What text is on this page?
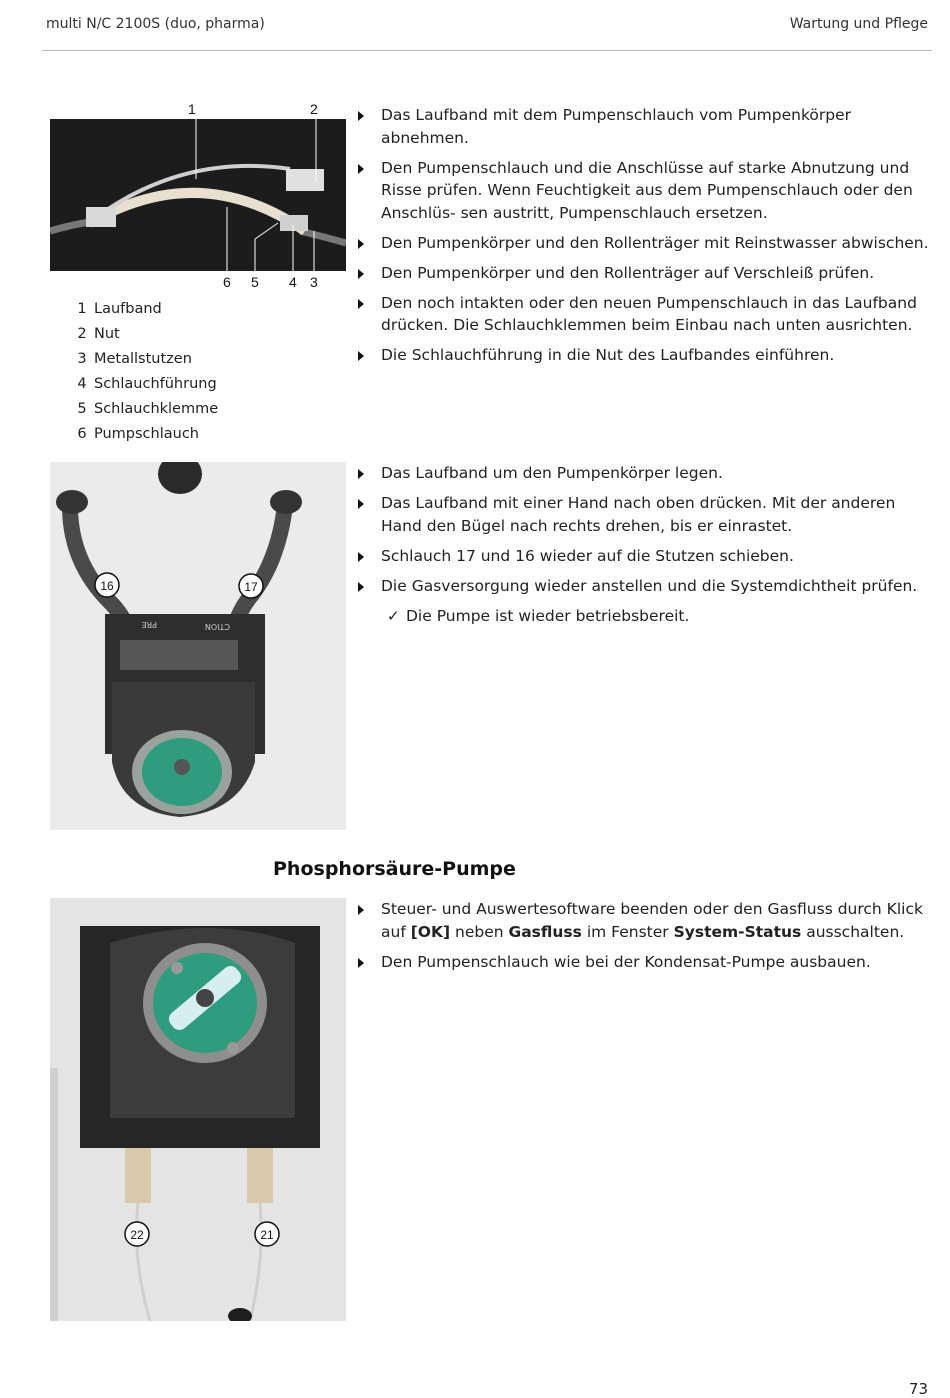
multi N/C 2100S (duo, pharma)	Wartung und Pflege
1	2
6 5 4 3
1 Laufband
2 Nut
3 Metallstutzen
4 Schlauchführung
5 Schlauchklemme
6 Pumpschlauch
Das Laufband mit dem Pumpenschlauch vom Pumpenkörper abnehmen.
Den Pumpenschlauch und die Anschlüsse auf starke Abnutzung und Risse prüfen. Wenn Feuchtigkeit aus dem Pumpenschlauch oder den Anschlüs- sen austritt, Pumpenschlauch ersetzen.
Den Pumpenkörper und den Rollenträger mit Reinstwasser abwischen.
Den Pumpenkörper und den Rollenträger auf Verschleiß prüfen.
Den noch intakten oder den neuen Pumpenschlauch in das Laufband drücken. Die Schlauchklemmen beim Einbau nach unten ausrichten.
Die Schlauchführung in die Nut des Laufbandes einführen.
PRE	CTION
16	17
Das Laufband um den Pumpenkörper legen.
Das Laufband mit einer Hand nach oben drücken. Mit der anderen Hand den Bügel nach rechts drehen, bis er einrastet.
Schlauch 17 und 16 wieder auf die Stutzen schieben.
Die Gasversorgung wieder anstellen und die Systemdichtheit prüfen.
✓ Die Pumpe ist wieder betriebsbereit.
Phosphorsäure-Pumpe
22	21
Steuer- und Auswertesoftware beenden oder den Gasfluss durch Klick auf [OK] neben Gasfluss im Fenster System-Status ausschalten.
Den Pumpenschlauch wie bei der Kondensat-Pumpe ausbauen.
73
